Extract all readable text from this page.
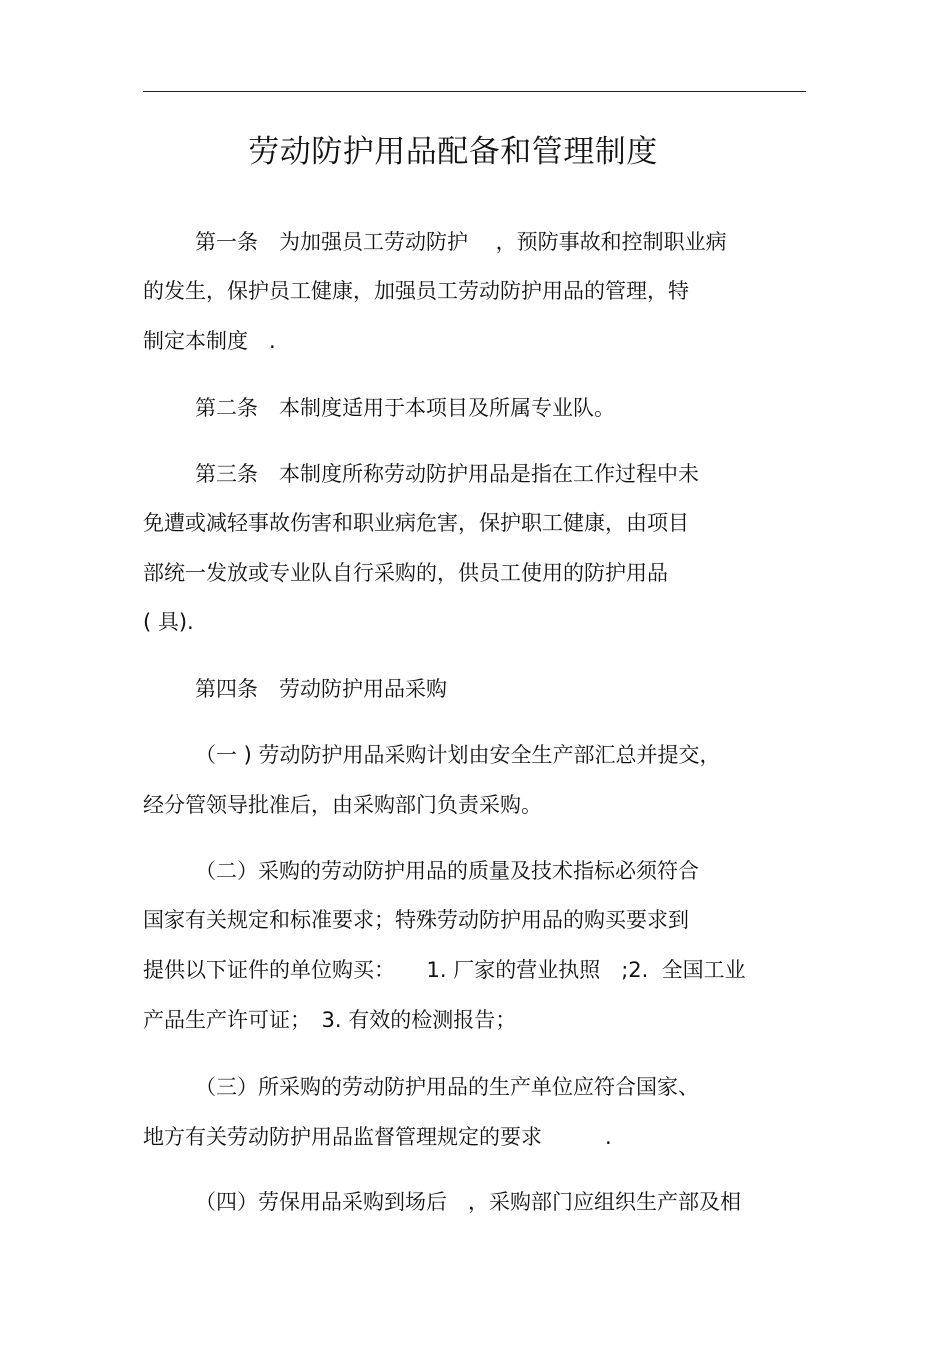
劳动防护用品配备和管理制度
第一条　为加强员工劳动防护　 ，预防事故和控制职业病
的发生，保护员工健康，加强员工劳动防护用品的管理，特
制定本制度　.
第二条　本制度适用于本项目及所属专业队。
第三条　本制度所称劳动防护用品是指在工作过程中未
免遭或减轻事故伤害和职业病危害，保护职工健康，由项目
部统一发放或专业队自行采购的，供员工使用的防护用品
( 具).
第四条　劳动防护用品采购
（一 ) 劳动防护用品采购计划由安全生产部汇总并提交，
经分管领导批准后，由采购部门负责采购。
（二）采购的劳动防护用品的质量及技术指标必须符合
国家有关规定和标准要求；特殊劳动防护用品的购买要求到
提供以下证件的单位购买：　　1. 厂家的营业执照　;2.  全国工业
产品生产许可证；　3. 有效的检测报告；
（三）所采购的劳动防护用品的生产单位应符合国家、
地方有关劳动防护用品监督管理规定的要求　　　.
（四）劳保用品采购到场后　，采购部门应组织生产部及相
